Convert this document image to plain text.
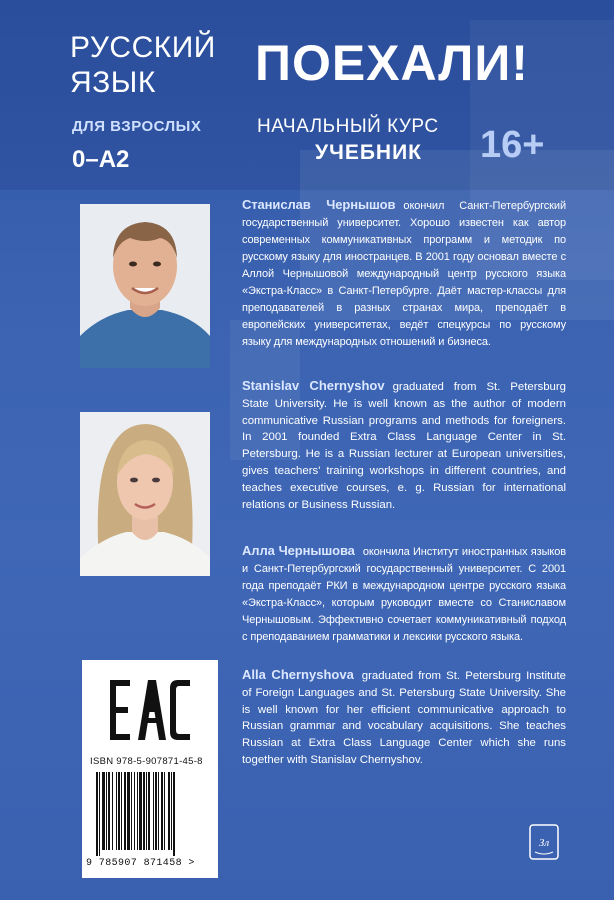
РУССКИЙ
ЯЗЫК
ДЛЯ ВЗРОСЛЫХ
0–А2
ПОЕХАЛИ!
НАЧАЛЬНЫЙ КУРС
УЧЕБНИК 16+

Станислав Чернышов окончил Санкт-Петербургский государственный университет. Хорошо известен как автор современных коммуникативных программ и методик по русскому языку для иностранцев. В 2001 году основал вместе с Аллой Чернышовой международный центр русского языка «Экстра-Класс» в Санкт-Петербурге. Даёт мастер-классы для преподавателей в разных странах мира, преподаёт в европейских университетах, ведёт спецкурсы по русскому языку для международных отношений и бизнеса.

Stanislav Chernyshov graduated from St. Petersburg State University. He is well known as the author of modern communicative Russian programs and methods for foreigners. In 2001 founded Extra Class Language Center in St. Petersburg. He is a Russian lecturer at European universities, gives teachers' training workshops in different countries, and teaches executive courses, e. g. Russian for international relations or Business Russian.

Алла Чернышова окончила Институт иностранных языков и Санкт-Петербургский государственный университет. С 2001 года преподаёт РКИ в международном центре русского языка «Экстра-Класс», которым руководит вместе со Станиславом Чернышовым. Эффективно сочетает коммуникативный подход с преподаванием грамматики и лексики русского языка.

Alla Chernyshova graduated from St. Petersburg Institute of Foreign Languages and St. Petersburg State University. She is well known for her efficient communicative approach to Russian grammar and vocabulary acquisitions. She teaches Russian at Extra Class Language Center which she runs together with Stanislav Chernyshov.

ISBN 978-5-907871-45-8
9 785907 871458 >
Зл
